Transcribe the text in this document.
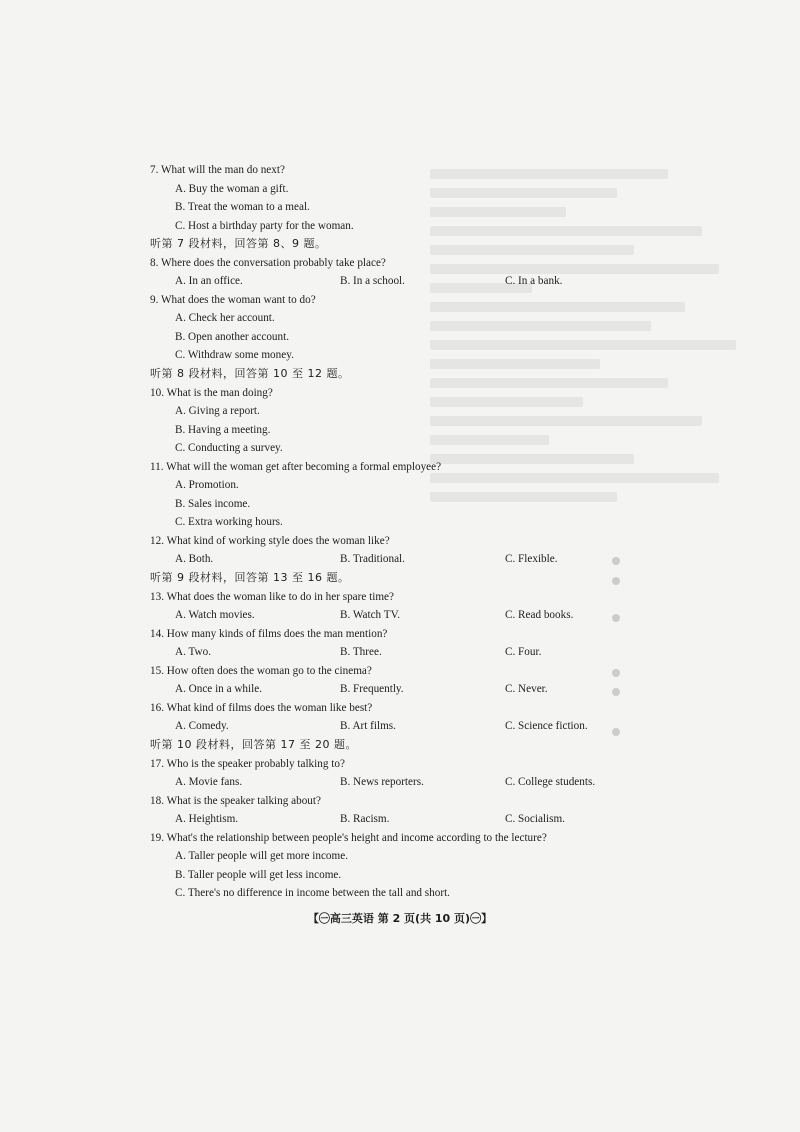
7. What will the man do next?
A. Buy the woman a gift.
B. Treat the woman to a meal.
C. Host a birthday party for the woman.
听第 7 段材料，回答第 8、9 题。
8. Where does the conversation probably take place?
A. In an office.	B. In a school.	C. In a bank.
9. What does the woman want to do?
A. Check her account.
B. Open another account.
C. Withdraw some money.
听第 8 段材料，回答第 10 至 12 题。
10. What is the man doing?
A. Giving a report.
B. Having a meeting.
C. Conducting a survey.
11. What will the woman get after becoming a formal employee?
A. Promotion.
B. Sales income.
C. Extra working hours.
12. What kind of working style does the woman like?
A. Both.	B. Traditional.	C. Flexible.
听第 9 段材料，回答第 13 至 16 题。
13. What does the woman like to do in her spare time?
A. Watch movies.	B. Watch TV.	C. Read books.
14. How many kinds of films does the man mention?
A. Two.	B. Three.	C. Four.
15. How often does the woman go to the cinema?
A. Once in a while.	B. Frequently.	C. Never.
16. What kind of films does the woman like best?
A. Comedy.	B. Art films.	C. Science fiction.
听第 10 段材料，回答第 17 至 20 题。
17. Who is the speaker probably talking to?
A. Movie fans.	B. News reporters.	C. College students.
18. What is the speaker talking about?
A. Heightism.	B. Racism.	C. Socialism.
19. What's the relationship between people's height and income according to the lecture?
A. Taller people will get more income.
B. Taller people will get less income.
C. There's no difference in income between the tall and short.
【㊀高三英语 第 2 页(共 10 页)㊀】
